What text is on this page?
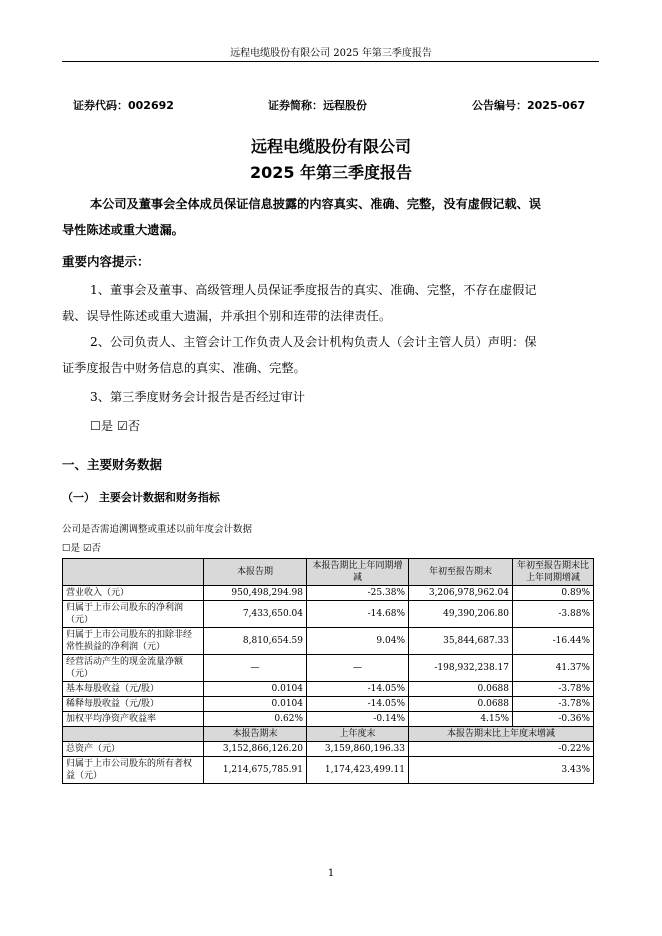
远程电缆股份有限公司 2025 年第三季度报告
证券代码：002692	证券简称：远程股份	公告编号：2025-067
远程电缆股份有限公司
2025 年第三季度报告
本公司及董事会全体成员保证信息披露的内容真实、准确、完整，没有虚假记载、误
导性陈述或重大遗漏。
重要内容提示：
1、董事会及董事、高级管理人员保证季度报告的真实、准确、完整，不存在虚假记
载、误导性陈述或重大遗漏，并承担个别和连带的法律责任。
2、公司负责人、主管会计工作负责人及会计机构负责人（会计主管人员）声明：保
证季度报告中财务信息的真实、准确、完整。
3、第三季度财务会计报告是否经过审计
☐是 ☑否
一、主要财务数据
（一） 主要会计数据和财务指标
公司是否需追溯调整或重述以前年度会计数据
☐是 ☑否
	本报告期	本报告期比上年同期增减	年初至报告期末	年初至报告期末比上年同期增减
营业收入（元）	950,498,294.98	-25.38%	3,206,978,962.04	0.89%
归属于上市公司股东的净利润（元）	7,433,650.04	-14.68%	49,390,206.80	-3.88%
归属于上市公司股东的扣除非经常性损益的净利润（元）	8,810,654.59	9.04%	35,844,687.33	-16.44%
经营活动产生的现金流量净额（元）	—	—	-198,932,238.17	41.37%
基本每股收益（元/股）	0.0104	-14.05%	0.0688	-3.78%
稀释每股收益（元/股）	0.0104	-14.05%	0.0688	-3.78%
加权平均净资产收益率	0.62%	-0.14%	4.15%	-0.36%
	本报告期末	上年度末	本报告期末比上年度末增减	
总资产（元）	3,152,866,126.20	3,159,860,196.33	-0.22%	
归属于上市公司股东的所有者权益（元）	1,214,675,785.91	1,174,423,499.11	3.43%	
1
